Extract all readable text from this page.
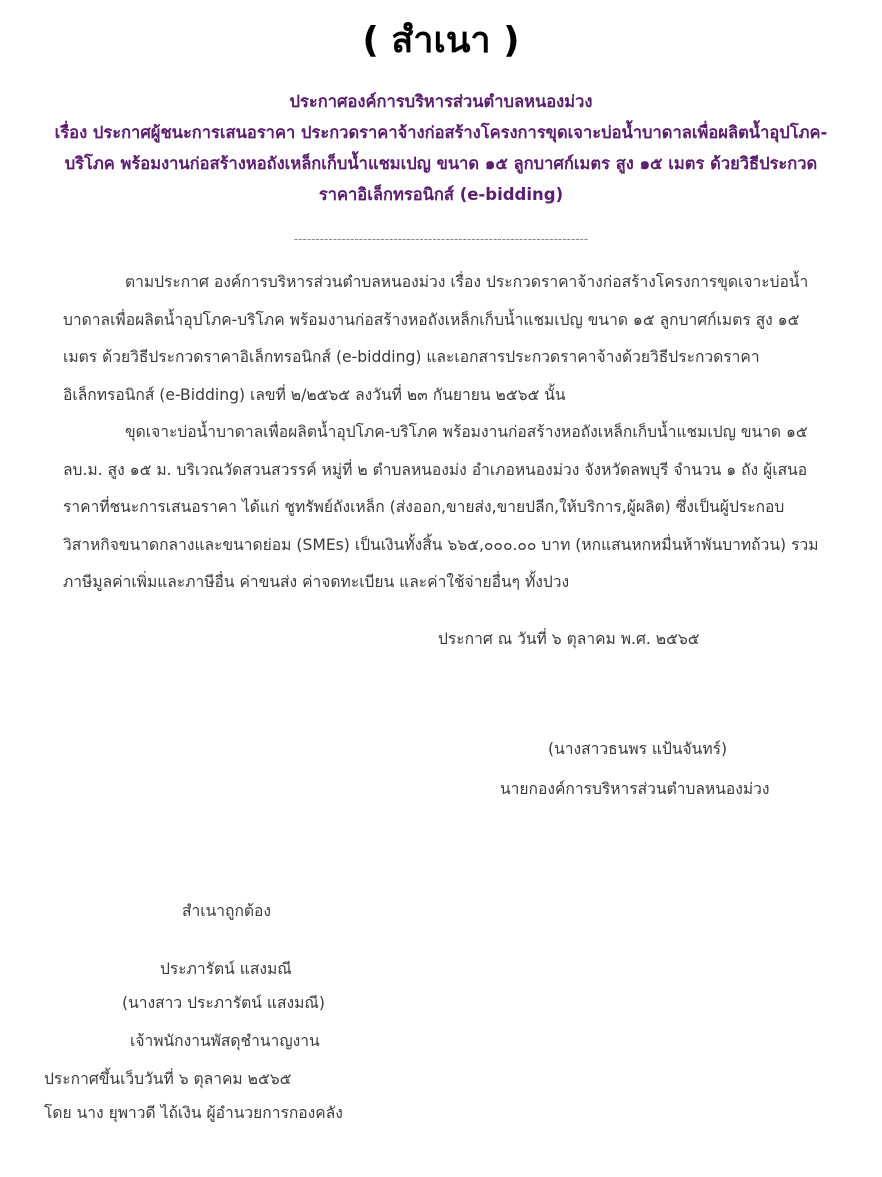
( สำเนา )
ประกาศองค์การบริหารส่วนตำบลหนองม่วง
เรื่อง ประกาศผู้ชนะการเสนอราคา ประกวดราคาจ้างก่อสร้างโครงการขุดเจาะบ่อน้ำบาดาลเพื่อผลิตน้ำอุปโภค-
บริโภค พร้อมงานก่อสร้างหอถังเหล็กเก็บน้ำแชมเปญ ขนาด ๑๕ ลูกบาศก์เมตร สูง ๑๕ เมตร ด้วยวิธีประกวด
ราคาอิเล็กทรอนิกส์ (e-bidding)
--------------------------------------------------------------------
ตามประกาศ องค์การบริหารส่วนตำบลหนองม่วง เรื่อง ประกวดราคาจ้างก่อสร้างโครงการขุดเจาะบ่อน้ำ
บาดาลเพื่อผลิตน้ำอุปโภค-บริโภค พร้อมงานก่อสร้างหอถังเหล็กเก็บน้ำแชมเปญ ขนาด ๑๕ ลูกบาศก์เมตร สูง ๑๕
เมตร ด้วยวิธีประกวดราคาอิเล็กทรอนิกส์ (e-bidding) และเอกสารประกวดราคาจ้างด้วยวิธีประกวดราคา
อิเล็กทรอนิกส์ (e-Bidding) เลขที่ ๒/๒๕๖๕ ลงวันที่ ๒๓ กันยายน ๒๕๖๕ นั้น
ขุดเจาะบ่อน้ำบาดาลเพื่อผลิตน้ำอุปโภค-บริโภค พร้อมงานก่อสร้างหอถังเหล็กเก็บน้ำแชมเปญ ขนาด ๑๕
ลบ.ม. สูง ๑๕ ม. บริเวณวัดสวนสวรรค์ หมู่ที่ ๒ ตำบลหนองม่ง อำเภอหนองม่วง จังหวัดลพบุรี จำนวน ๑ ถัง ผู้เสนอ
ราคาที่ชนะการเสนอราคา ได้แก่ ชูทรัพย์ถังเหล็ก (ส่งออก,ขายส่ง,ขายปลีก,ให้บริการ,ผู้ผลิต) ซึ่งเป็นผู้ประกอบ
วิสาหกิจขนาดกลางและขนาดย่อม (SMEs) เป็นเงินทั้งสิ้น ๖๖๕,๐๐๐.๐๐ บาท (หกแสนหกหมื่นห้าพันบาทถ้วน) รวม
ภาษีมูลค่าเพิ่มและภาษีอื่น ค่าขนส่ง ค่าจดทะเบียน และค่าใช้จ่ายอื่นๆ ทั้งปวง
ประกาศ ณ วันที่ ๖ ตุลาคม พ.ศ. ๒๕๖๕
(นางสาวธนพร แป้นจันทร์)
นายกองค์การบริหารส่วนตำบลหนองม่วง
สำเนาถูกต้อง
ประภารัตน์ แสงมณี
(นางสาว ประภารัตน์ แสงมณี)
เจ้าพนักงานพัสดุชำนาญงาน
ประกาศขึ้นเว็บวันที่ ๖ ตุลาคม ๒๕๖๕
โดย นาง ยุพาวดี ไถ้เงิน ผู้อำนวยการกองคลัง
